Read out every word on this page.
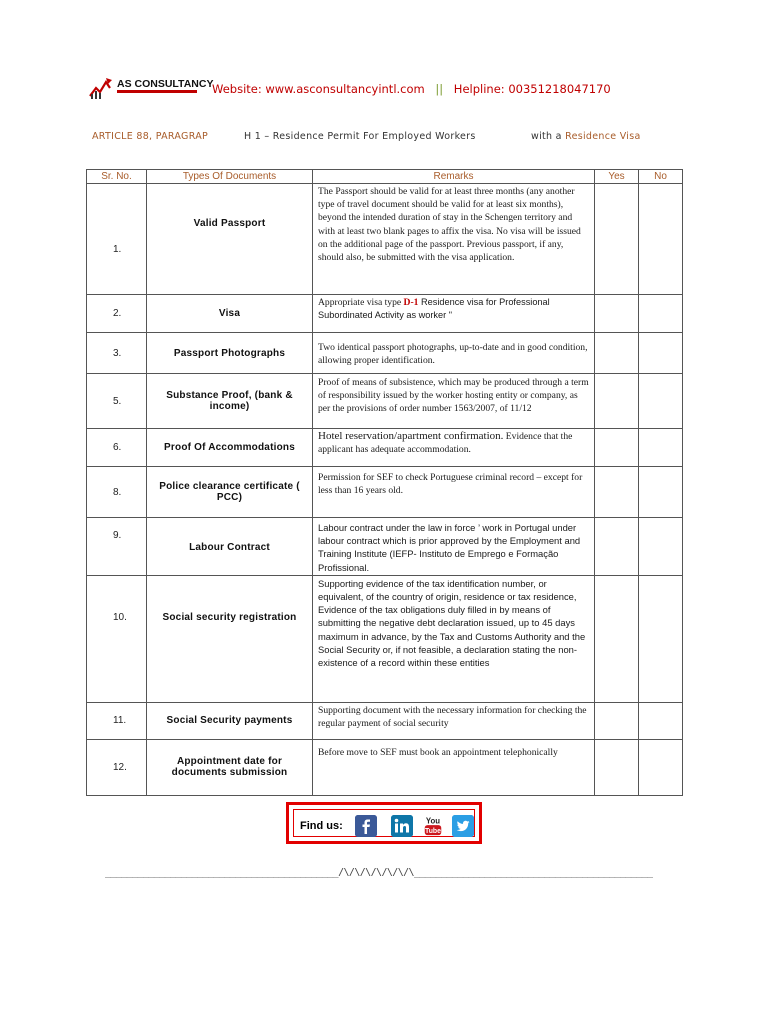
AS CONSULTANCY
Website: www.asconsultancyintl.com || Helpline: 00351218047170
ARTICLE 88, PARAGRAP	H 1 – Residence Permit For Employed Workers	with a Residence Visa
Sr. No.	Types Of Documents	Remarks	Yes	No
1.	Valid Passport	The Passport should be valid for at least three months (any another type of travel document should be valid for at least six months), beyond the intended duration of stay in the Schengen territory and with at least two blank pages to affix the visa. No visa will be issued on the additional page of the passport. Previous passport, if any, should also, be submitted with the visa application.		
2.	Visa	Appropriate visa type D-1 Residence visa for Professional Subordinated Activity as worker "		
3.	Passport Photographs	Two identical passport photographs, up-to-date and in good condition, allowing proper identification.		
5.	Substance Proof, (bank & income)	Proof of means of subsistence, which may be produced through a term of responsibility issued by the worker hosting entity or company, as per the provisions of order number 1563/2007, of 11/12		
6.	Proof Of Accommodations	Hotel reservation/apartment confirmation. Evidence that the applicant has adequate accommodation.		
8.	Police clearance certificate ( PCC)	Permission for SEF to check Portuguese criminal record – except for less than 16 years old.		
9.	Labour Contract	Labour contract under the law in force ’ work in Portugal under labour contract which is prior approved by the Employment and Training Institute (IEFP- Instituto de Emprego e Formação Profissional.		
10.	Social security registration	Supporting evidence of the tax identification number, or equivalent, of the country of origin, residence or tax residence, Evidence of the tax obligations duly filled in by means of submitting the negative debt declaration issued, up to 45 days maximum in advance, by the Tax and Customs Authority and the Social Security or, if not feasible, a declaration stating the non-existence of a record within these entities		
11.	Social Security payments	Supporting document with the necessary information for checking the regular payment of social security		
12.	Appointment date for documents submission	Before move to SEF must book an appointment telephonically		
Find us:	You
Tube
___________________________________________/\/\/\/\/\/\/\____________________________________________
